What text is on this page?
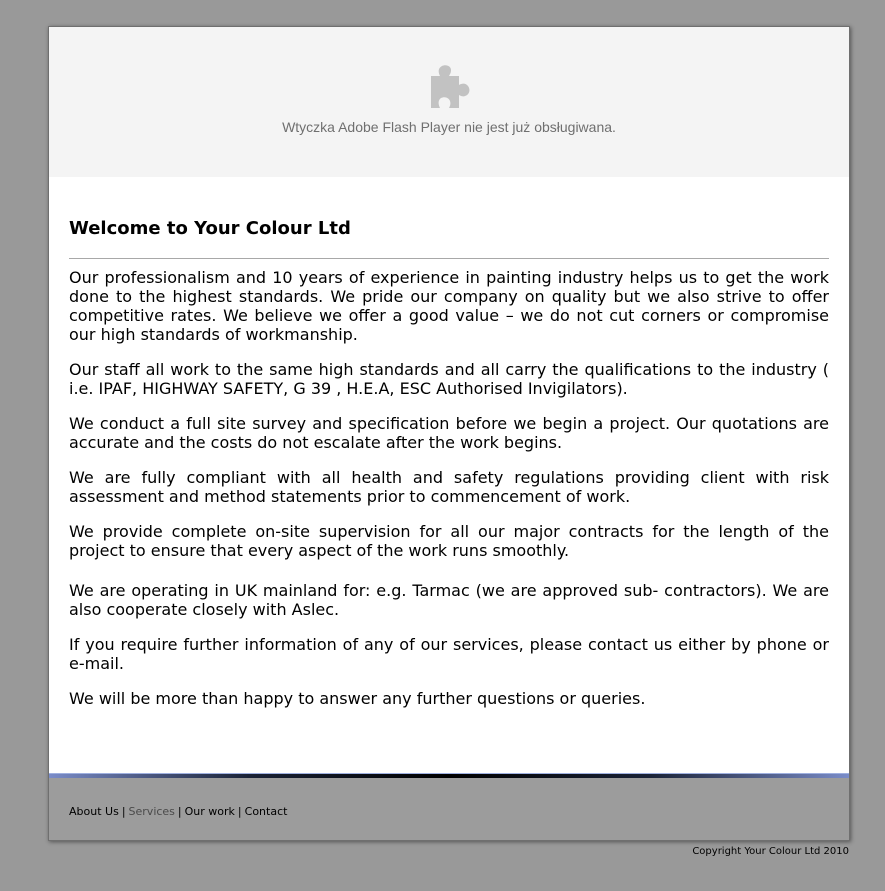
Wtyczka Adobe Flash Player nie jest już obsługiwana.
Welcome to Your Colour Ltd

Our professionalism and 10 years of experience in painting industry helps us to get the work done to the highest standards. We pride our company on quality but we also strive to offer competitive rates. We believe we offer a good value – we do not cut corners or compromise our high standards of workmanship.

Our staff all work to the same high standards and all carry the qualifications to the industry ( i.e. IPAF, HIGHWAY SAFETY, G 39 , H.E.A, ESC Authorised Invigilators).

We conduct a full site survey and specification before we begin a project. Our quotations are accurate and the costs do not escalate after the work begins.

We are fully compliant with all health and safety regulations providing client with risk assessment and method statements prior to commencement of work.

We provide complete on-site supervision for all our major contracts for the length of the project to ensure that every aspect of the work runs smoothly.

We are operating in UK mainland for: e.g. Tarmac (we are approved sub- contractors). We are also cooperate closely with Aslec.

If you require further information of any of our services, please contact us either by phone or e-mail.

We will be more than happy to answer any further questions or queries.

About Us | Services | Our work | Contact
Copyright Your Colour Ltd 2010
